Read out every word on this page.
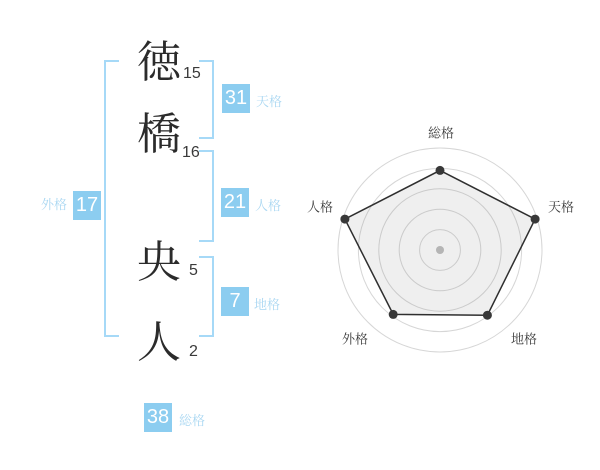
徳
橋
央
人
15
16
5
2
31 天格
21 人格
7	地格
17
外格
38 総格
総格
天格
地格
外格
人格
